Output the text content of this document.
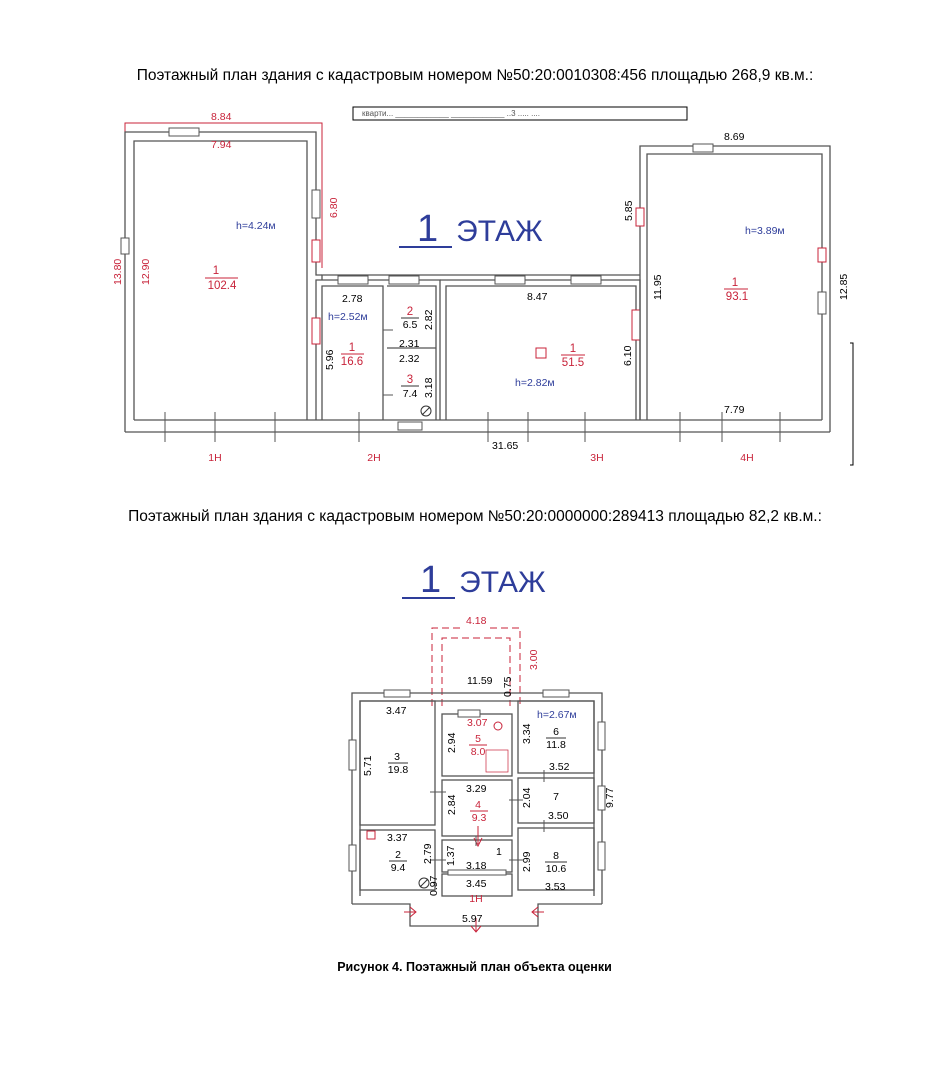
Поэтажный план здания с кадастровым номером №50:20:0010308:456 площадью 268,9 кв.м.:
1 ЭТАЖ
Поэтажный план здания с кадастровым номером №50:20:0000000:289413 площадью 82,2 кв.м.:
1 ЭТАЖ
Рисунок 4. Поэтажный план объекта оценки
кварти... ____________ ____________ ..3 ..... ....
8.84
7.94
13.80 12.90
6.80
8.69
5.85
11.95	12.85
7.79
2.78
5.96
2.31
2.82
2.32
3.18
8.47
6.10
31.65
h=4.24м
1
102.4
h=2.52м
1
16.6
2
6.5
3
7.4
h=2.82м
1
51.5
h=3.89м
1
93.1
1Н	2Н	3Н	4Н
4.18
3.00
11.59 0.75
3.47
5.71
3.07
2.94	3.34
3.52
3.29
2.84	2.04
3.50
9.77
3.37
2.79 1.37 3.18	2.99
3.53
0.97 3.45
5.97
3
19.8
5
8.0
h=2.67м
6
11.8
4
9.3
7
2
9.4
1	8
10.6
1Н
